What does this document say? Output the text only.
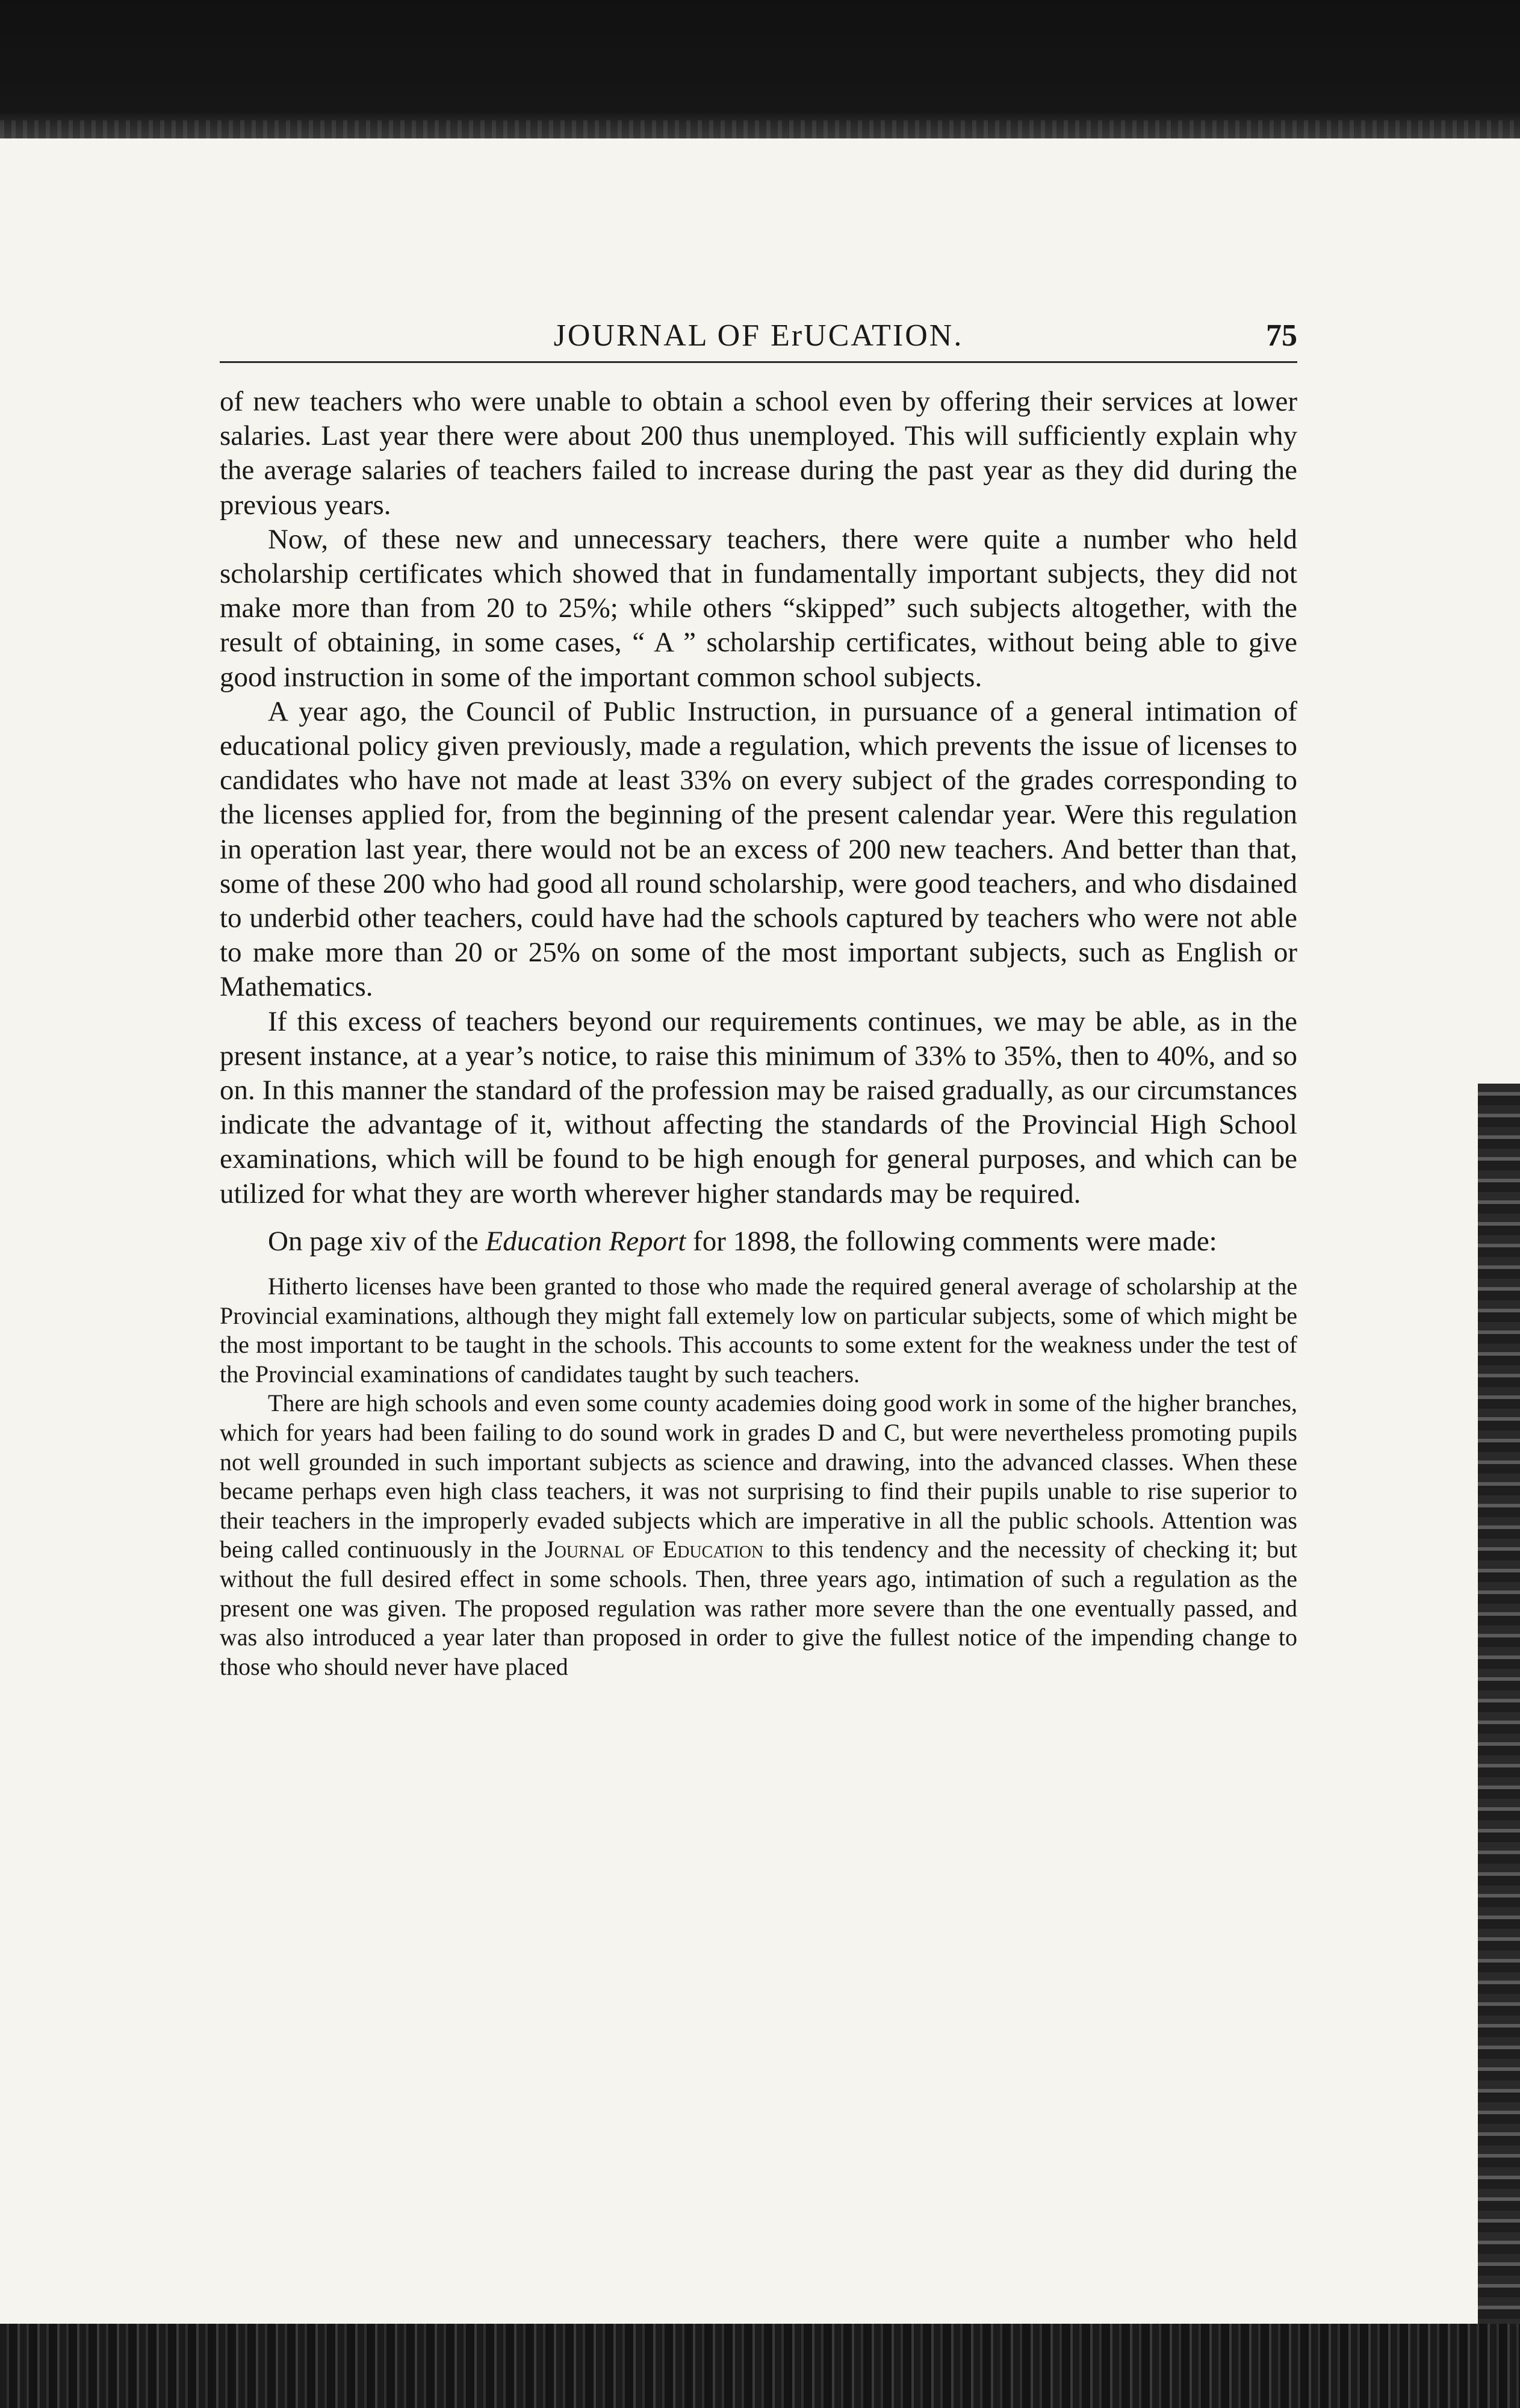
JOURNAL OF ErUCATION.	75

of new teachers who were unable to obtain a school even by offering their services at lower salaries. Last year there were about 200 thus unemployed. This will sufficiently explain why the average salaries of teachers failed to increase during the past year as they did during the previous years.

Now, of these new and unnecessary teachers, there were quite a number who held scholarship certificates which showed that in fundamentally important subjects, they did not make more than from 20 to 25%; while others “skipped” such subjects altogether, with the result of obtaining, in some cases, “ A ” scholarship certificates, without being able to give good instruction in some of the important common school subjects.

A year ago, the Council of Public Instruction, in pursuance of a general intimation of educational policy given previously, made a regulation, which prevents the issue of licenses to candidates who have not made at least 33% on every subject of the grades corresponding to the licenses applied for, from the beginning of the present calendar year. Were this regulation in operation last year, there would not be an excess of 200 new teachers. And better than that, some of these 200 who had good all round scholarship, were good teachers, and who disdained to underbid other teachers, could have had the schools captured by teachers who were not able to make more than 20 or 25% on some of the most important subjects, such as English or Mathematics.

If this excess of teachers beyond our requirements continues, we may be able, as in the present instance, at a year’s notice, to raise this minimum of 33% to 35%, then to 40%, and so on. In this manner the standard of the profession may be raised gradually, as our circumstances indicate the advantage of it, without affecting the standards of the Provincial High School examinations, which will be found to be high enough for general purposes, and which can be utilized for what they are worth wherever higher standards may be required.

On page xiv of the Education Report for 1898, the following comments were made:

Hitherto licenses have been granted to those who made the required general average of scholarship at the Provincial examinations, although they might fall extemely low on particular subjects, some of which might be the most important to be taught in the schools. This accounts to some extent for the weakness under the test of the Provincial examinations of candidates taught by such teachers.

There are high schools and even some county academies doing good work in some of the higher branches, which for years had been failing to do sound work in grades D and C, but were nevertheless promoting pupils not well grounded in such important subjects as science and drawing, into the advanced classes. When these became perhaps even high class teachers, it was not surprising to find their pupils unable to rise superior to their teachers in the improperly evaded subjects which are imperative in all the public schools. Attention was being called continuously in the Journal of Education to this tendency and the necessity of checking it; but without the full desired effect in some schools. Then, three years ago, intimation of such a regulation as the present one was given. The proposed regulation was rather more severe than the one eventually passed, and was also introduced a year later than proposed in order to give the fullest notice of the impending change to those who should never have placed
